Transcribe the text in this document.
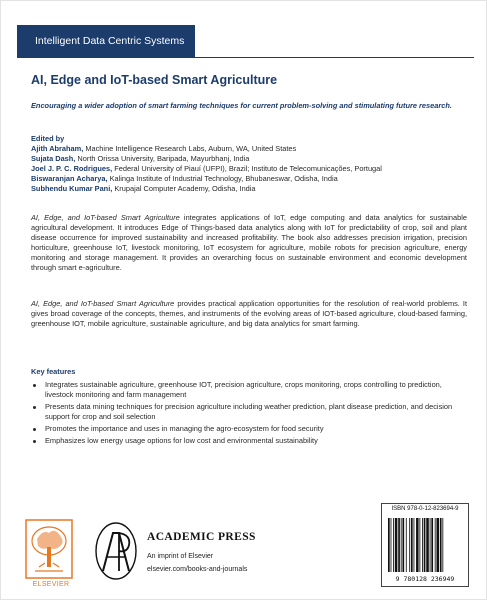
Intelligent Data Centric Systems
AI, Edge and IoT-based Smart Agriculture
Encouraging a wider adoption of smart farming techniques for current problem-solving and stimulating future research.
Edited by
Ajith Abraham, Machine Intelligence Research Labs, Auburn, WA, United States
Sujata Dash, North Orissa University, Baripada, Mayurbhanj, India
Joel J. P. C. Rodrigues, Federal University of Piauí (UFPI), Brazil; Instituto de Telecomunicações, Portugal
Biswaranjan Acharya, Kalinga Institute of Industrial Technology, Bhubaneswar, Odisha, India
Subhendu Kumar Pani, Krupajal Computer Academy, Odisha, India
AI, Edge, and IoT-based Smart Agriculture integrates applications of IoT, edge computing and data analytics for sustainable agricultural development. It introduces Edge of Things-based data analytics along with IoT for predictability of crop, soil and plant disease occurrence for improved sustainability and increased profitability. The book also addresses precision irrigation, precision horticulture, greenhouse IoT, livestock monitoring, IoT ecosystem for agriculture, mobile robots for precision agriculture, energy monitoring and storage management. It provides an overarching focus on sustainable environment and economic development through smart e-agriculture.
AI, Edge, and IoT-based Smart Agriculture provides practical application opportunities for the resolution of real-world problems. It gives broad coverage of the concepts, themes, and instruments of the evolving areas of IOT-based agriculture, cloud-based farming, greenhouse IOT, mobile agriculture, sustainable agriculture, and big data analytics for smart farming.
Key features
Integrates sustainable agriculture, greenhouse IOT, precision agriculture, crops monitoring, crops controlling to prediction, livestock monitoring and farm management
Presents data mining techniques for precision agriculture including weather prediction, plant disease prediction, and decision support for crop and soil selection
Promotes the importance and uses in managing the agro-ecosystem for food security
Emphasizes low energy usage options for low cost and environmental sustainability
ELSEVIER
ACADEMIC PRESS
An imprint of Elsevier
elsevier.com/books-and-journals
ISBN 978-0-12-823694-9
9 780128 236949
